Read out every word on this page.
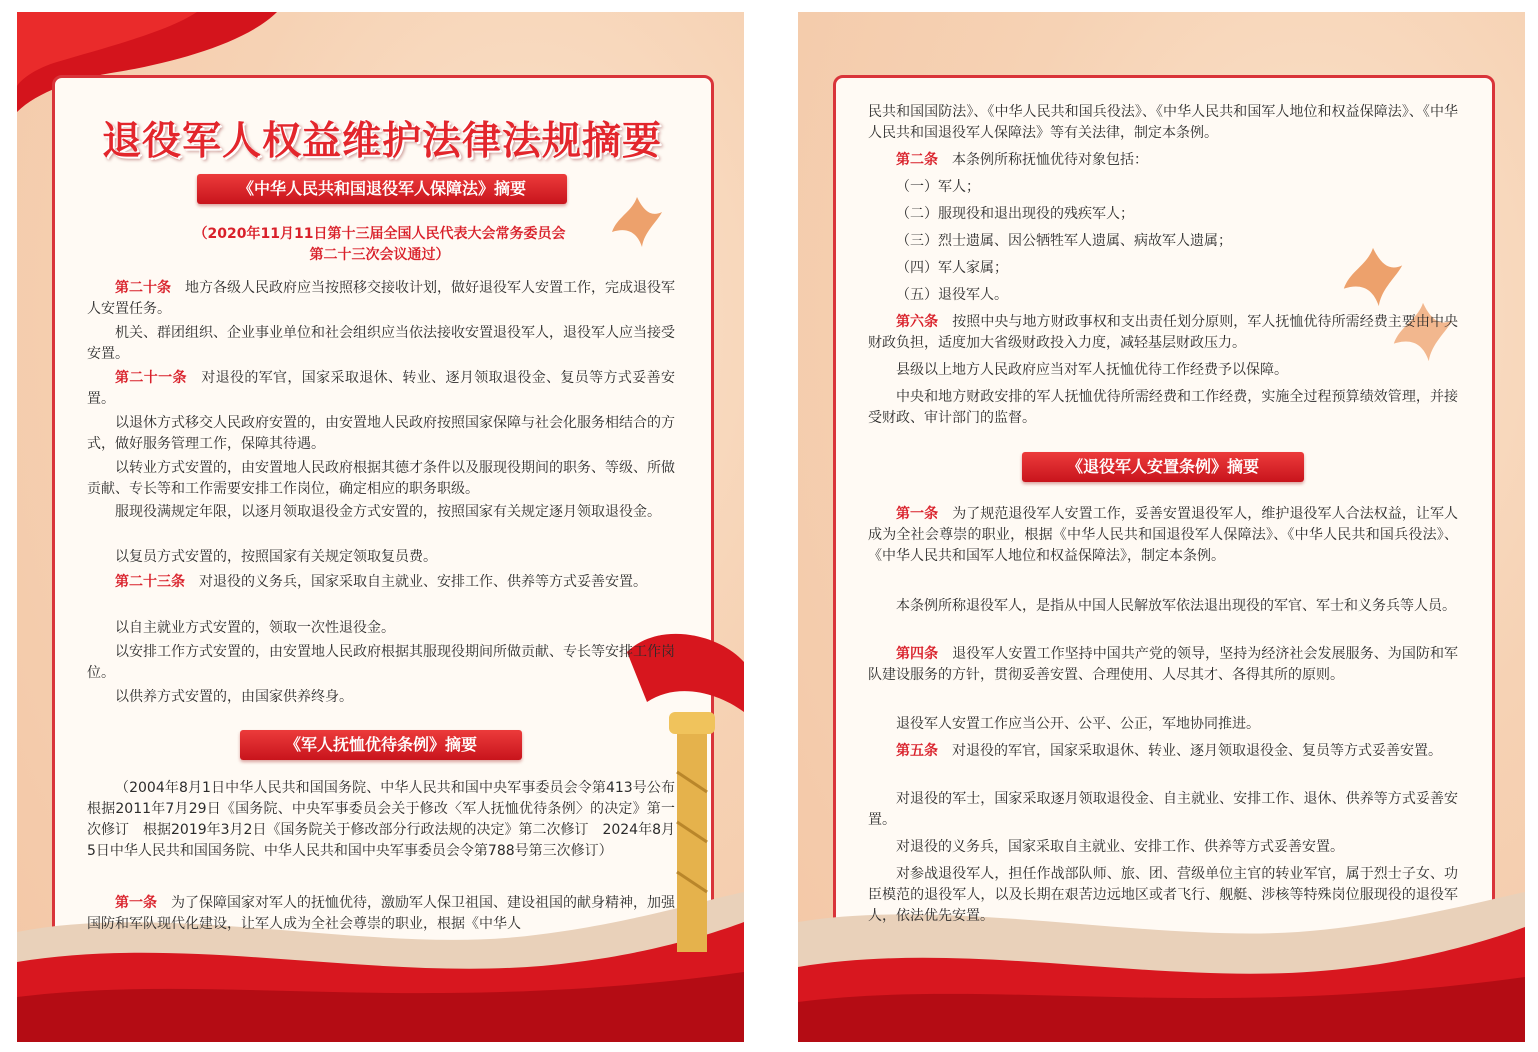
退役军人权益维护法律法规摘要
《中华人民共和国退役军人保障法》摘要
（2020年11月11日第十三届全国人民代表大会常务委员会
第二十三次会议通过）
第二十条　 地方各级人民政府应当按照移交接收计划，做好退役军人安置工作，完成退役军人安置任务。
机关、群团组织、企业事业单位和社会组织应当依法接收安置退役军人，退役军人应当接受安置。
第二十一条　 对退役的军官，国家采取退休、转业、逐月领取退役金、复员等方式妥善安置。
以退休方式移交人民政府安置的，由安置地人民政府按照国家保障与社会化服务相结合的方式，做好服务管理工作，保障其待遇。
以转业方式安置的，由安置地人民政府根据其德才条件以及服现役期间的职务、等级、所做贡献、专长等和工作需要安排工作岗位，确定相应的职务职级。
服现役满规定年限，以逐月领取退役金方式安置的，按照国家有关规定逐月领取退役金。
以复员方式安置的，按照国家有关规定领取复员费。
第二十三条　 对退役的义务兵，国家采取自主就业、安排工作、供养等方式妥善安置。
以自主就业方式安置的，领取一次性退役金。
以安排工作方式安置的，由安置地人民政府根据其服现役期间所做贡献、专长等安排工作岗位。
以供养方式安置的，由国家供养终身。
《军人抚恤优待条例》摘要
（2004年8月1日中华人民共和国国务院、中华人民共和国中央军事委员会令第413号公布　根据2011年7月29日《国务院、中央军事委员会关于修改〈军人抚恤优待条例〉的决定》第一次修订　根据2019年3月2日《国务院关于修改部分行政法规的决定》第二次修订　2024年8月5日中华人民共和国国务院、中华人民共和国中央军事委员会令第788号第三次修订）
第一条　 为了保障国家对军人的抚恤优待，激励军人保卫祖国、建设祖国的献身精神，加强国防和军队现代化建设，让军人成为全社会尊崇的职业，根据《中华人
民共和国国防法》、《中华人民共和国兵役法》、《中华人民共和国军人地位和权益保障法》、《中华人民共和国退役军人保障法》等有关法律，制定本条例。
第二条　 本条例所称抚恤优待对象包括：
（一）军人；
（二）服现役和退出现役的残疾军人；
（三）烈士遗属、因公牺牲军人遗属、病故军人遗属；
（四）军人家属；
（五）退役军人。
第六条　 按照中央与地方财政事权和支出责任划分原则，军人抚恤优待所需经费主要由中央财政负担，适度加大省级财政投入力度，减轻基层财政压力。
县级以上地方人民政府应当对军人抚恤优待工作经费予以保障。
中央和地方财政安排的军人抚恤优待所需经费和工作经费，实施全过程预算绩效管理，并接受财政、审计部门的监督。
《退役军人安置条例》摘要
第一条　 为了规范退役军人安置工作，妥善安置退役军人，维护退役军人合法权益，让军人成为全社会尊崇的职业，根据《中华人民共和国退役军人保障法》、《中华人民共和国兵役法》、《中华人民共和国军人地位和权益保障法》，制定本条例。
本条例所称退役军人，是指从中国人民解放军依法退出现役的军官、军士和义务兵等人员。
第四条　 退役军人安置工作坚持中国共产党的领导，坚持为经济社会发展服务、为国防和军队建设服务的方针，贯彻妥善安置、合理使用、人尽其才、各得其所的原则。
退役军人安置工作应当公开、公平、公正，军地协同推进。
第五条　 对退役的军官，国家采取退休、转业、逐月领取退役金、复员等方式妥善安置。
对退役的军士，国家采取逐月领取退役金、自主就业、安排工作、退休、供养等方式妥善安置。
对退役的义务兵，国家采取自主就业、安排工作、供养等方式妥善安置。
对参战退役军人，担任作战部队师、旅、团、营级单位主官的转业军官，属于烈士子女、功臣模范的退役军人，以及长期在艰苦边远地区或者飞行、舰艇、涉核等特殊岗位服现役的退役军人，依法优先安置。
